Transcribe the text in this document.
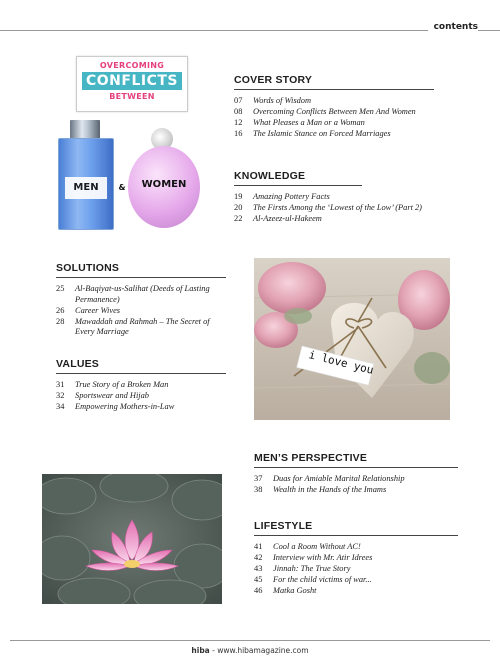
contents
OVERCOMING
CONFLICTS
BETWEEN
MEN	&	WOMEN
COVER STORY
07	Words of Wisdom
08	Overcoming Conflicts Between Men And Women
12	What Pleases a Man or a Woman
16	The Islamic Stance on Forced Marriages
KNOWLEDGE
19	Amazing Pottery Facts
20	The Firsts Among the ‘Lowest of the Low’ (Part 2)
22	Al-Azeez-ul-Hakeem
SOLUTIONS
25	Al-Baqiyat-us-Salihat (Deeds of Lasting Permanence)
26	Career Wives
28	Mawaddah and Rahmah – The Secret of Every Marriage
VALUES
31	True Story of a Broken Man
32	Sportswear and Hijab
34	Empowering Mothers-in-Law
i love you
MEN’S PERSPECTIVE
37	Duas for Amiable Marital Relationship
38	Wealth in the Hands of the Imams
LIFESTYLE
41	Cool a Room Without AC!
42	Interview with Mr. Atir Idrees
43	Jinnah: The True Story
45	For the child victims of war...
46	Matka Gosht
hiba - www.hibamagazine.com
